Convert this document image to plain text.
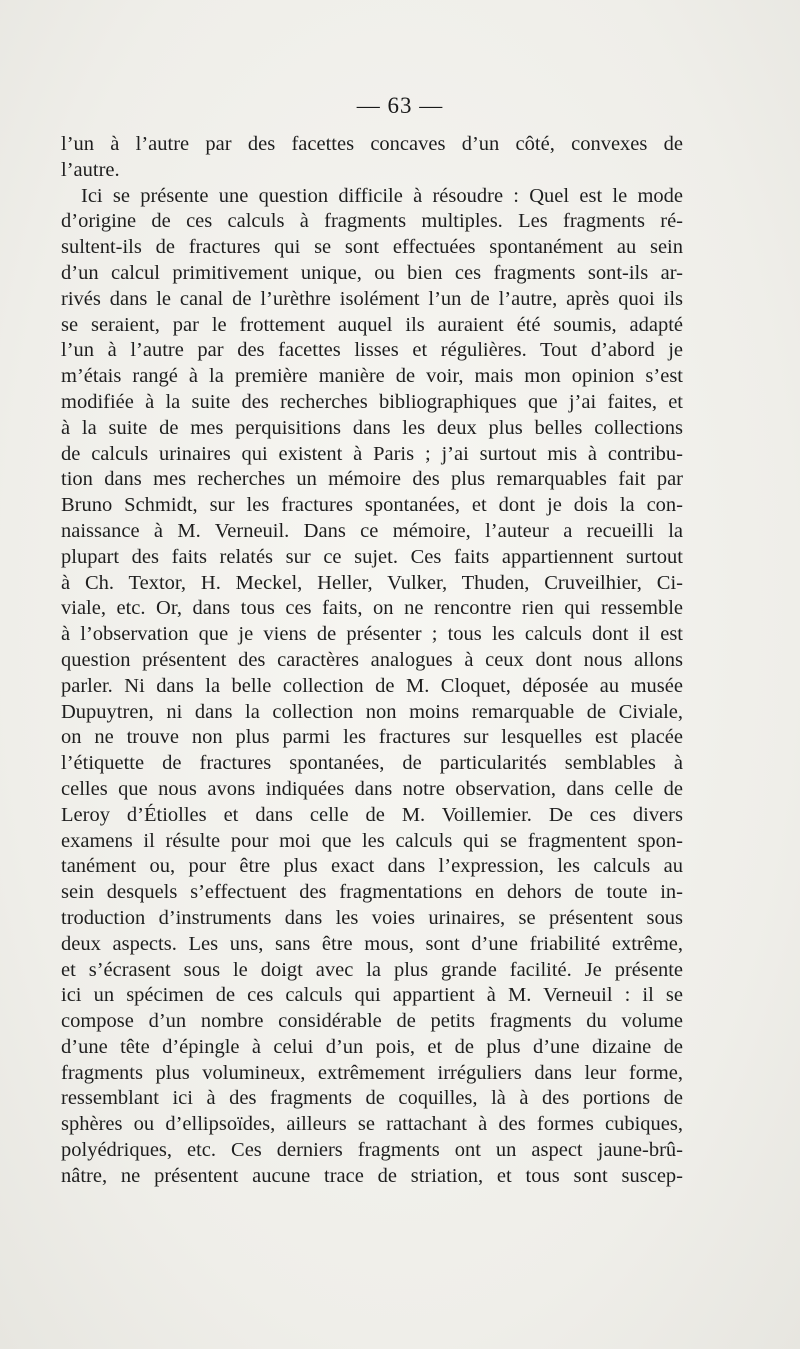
— 63 —
l’un à l’autre par des facettes concaves d’un côté, convexes de
l’autre.
Ici se présente une question difficile à résoudre : Quel est le mode
d’origine de ces calculs à fragments multiples. Les fragments ré-
sultent-ils de fractures qui se sont effectuées spontanément au sein
d’un calcul primitivement unique, ou bien ces fragments sont-ils ar-
rivés dans le canal de l’urèthre isolément l’un de l’autre, après quoi ils
se seraient, par le frottement auquel ils auraient été soumis, adapté
l’un à l’autre par des facettes lisses et régulières. Tout d’abord je
m’étais rangé à la première manière de voir, mais mon opinion s’est
modifiée à la suite des recherches bibliographiques que j’ai faites, et
à la suite de mes perquisitions dans les deux plus belles collections
de calculs urinaires qui existent à Paris ; j’ai surtout mis à contribu-
tion dans mes recherches un mémoire des plus remarquables fait par
Bruno Schmidt, sur les fractures spontanées, et dont je dois la con-
naissance à M. Verneuil. Dans ce mémoire, l’auteur a recueilli la
plupart des faits relatés sur ce sujet. Ces faits appartiennent surtout
à Ch. Textor, H. Meckel, Heller, Vulker, Thuden, Cruveilhier, Ci-
viale, etc. Or, dans tous ces faits, on ne rencontre rien qui ressemble
à l’observation que je viens de présenter ; tous les calculs dont il est
question présentent des caractères analogues à ceux dont nous allons
parler. Ni dans la belle collection de M. Cloquet, déposée au musée
Dupuytren, ni dans la collection non moins remarquable de Civiale,
on ne trouve non plus parmi les fractures sur lesquelles est placée
l’étiquette de fractures spontanées, de particularités semblables à
celles que nous avons indiquées dans notre observation, dans celle de
Leroy d’Étiolles et dans celle de M. Voillemier. De ces divers
examens il résulte pour moi que les calculs qui se fragmentent spon-
tanément ou, pour être plus exact dans l’expression, les calculs au
sein desquels s’effectuent des fragmentations en dehors de toute in-
troduction d’instruments dans les voies urinaires, se présentent sous
deux aspects. Les uns, sans être mous, sont d’une friabilité extrême,
et s’écrasent sous le doigt avec la plus grande facilité. Je présente
ici un spécimen de ces calculs qui appartient à M. Verneuil : il se
compose d’un nombre considérable de petits fragments du volume
d’une tête d’épingle à celui d’un pois, et de plus d’une dizaine de
fragments plus volumineux, extrêmement irréguliers dans leur forme,
ressemblant ici à des fragments de coquilles, là à des portions de
sphères ou d’ellipsoïdes, ailleurs se rattachant à des formes cubiques,
polyédriques, etc. Ces derniers fragments ont un aspect jaune-brû-
nâtre, ne présentent aucune trace de striation, et tous sont suscep-
